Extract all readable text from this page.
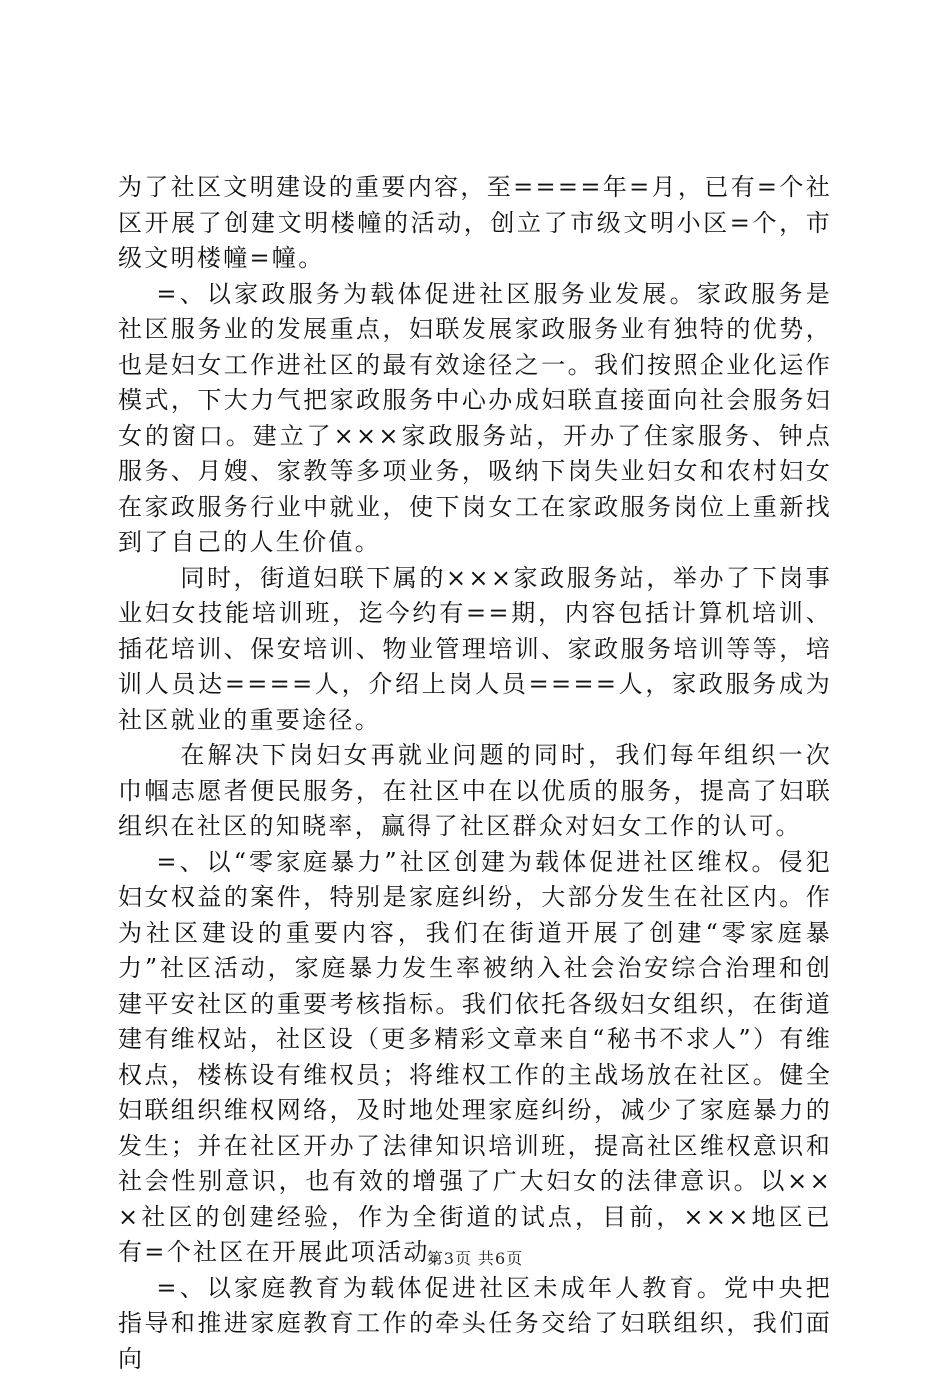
为了社区文明建设的重要内容，至====年=月，已有=个社区开展了创建文明楼幢的活动，创立了市级文明小区=个，市级文明楼幢=幢。

=、以家政服务为载体促进社区服务业发展。家政服务是社区服务业的发展重点，妇联发展家政服务业有独特的优势，也是妇女工作进社区的最有效途径之一。我们按照企业化运作模式，下大力气把家政服务中心办成妇联直接面向社会服务妇女的窗口。建立了×××家政服务站，开办了住家服务、钟点服务、月嫂、家教等多项业务，吸纳下岗失业妇女和农村妇女在家政服务行业中就业，使下岗女工在家政服务岗位上重新找到了自己的人生价值。

同时，街道妇联下属的×××家政服务站，举办了下岗事业妇女技能培训班，迄今约有==期，内容包括计算机培训、插花培训、保安培训、物业管理培训、家政服务培训等等，培训人员达====人，介绍上岗人员====人，家政服务成为社区就业的重要途径。

在解决下岗妇女再就业问题的同时，我们每年组织一次巾帼志愿者便民服务，在社区中在以优质的服务，提高了妇联组织在社区的知晓率，赢得了社区群众对妇女工作的认可。

=、以“零家庭暴力”社区创建为载体促进社区维权。侵犯妇女权益的案件，特别是家庭纠纷，大部分发生在社区内。作为社区建设的重要内容，我们在街道开展了创建“零家庭暴力”社区活动，家庭暴力发生率被纳入社会治安综合治理和创建平安社区的重要考核指标。我们依托各级妇女组织，在街道建有维权站，社区设（更多精彩文章来自“秘书不求人”）有维权点，楼栋设有维权员；将维权工作的主战场放在社区。健全妇联组织维权网络，及时地处理家庭纠纷，减少了家庭暴力的发生；并在社区开办了法律知识培训班，提高社区维权意识和社会性别意识，也有效的增强了广大妇女的法律意识。以×××社区的创建经验，作为全街道的试点，目前，×××地区已有=个社区在开展此项活动。

=、以家庭教育为载体促进社区未成年人教育。党中央把指导和推进家庭教育工作的牵头任务交给了妇联组织，我们面向

第3页 共6页
